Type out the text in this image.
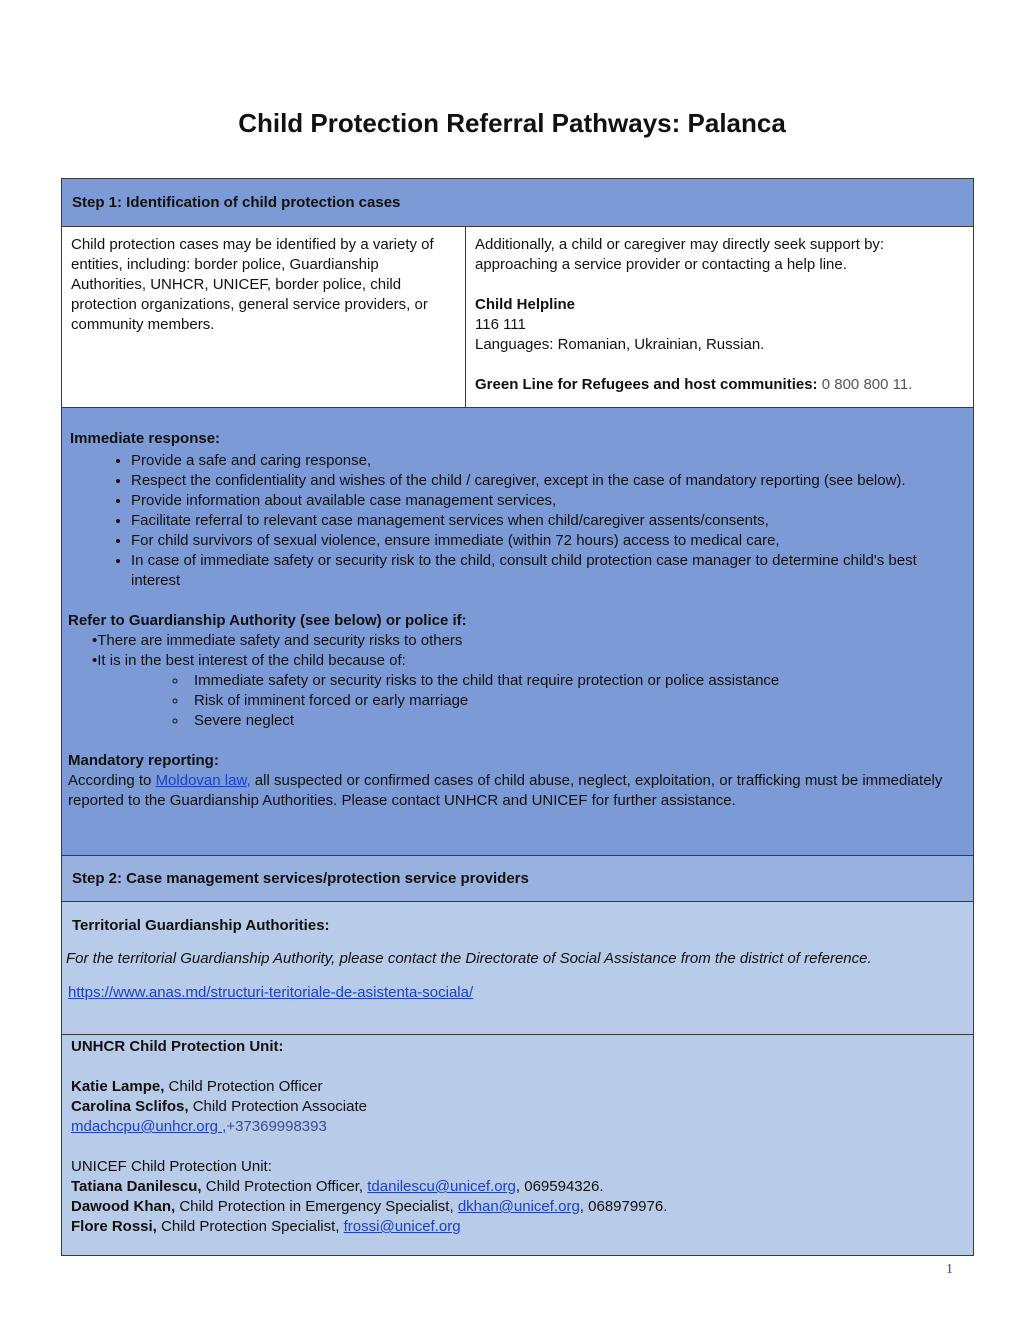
Child Protection Referral Pathways: Palanca
Step 1: Identification of child protection cases
Child protection cases may be identified by a variety of entities, including: border police, Guardianship Authorities, UNHCR, UNICEF, border police, child protection organizations, general service providers, or community members.
Additionally, a child or caregiver may directly seek support by: approaching a service provider or contacting a help line.
Child Helpline
116 111
Languages: Romanian, Ukrainian, Russian.
Green Line for Refugees and host communities: 0 800 800 11.
Immediate response:
• Provide a safe and caring response,
• Respect the confidentiality and wishes of the child / caregiver, except in the case of mandatory reporting (see below).
• Provide information about available case management services,
• Facilitate referral to relevant case management services when child/caregiver assents/consents,
• For child survivors of sexual violence, ensure immediate (within 72 hours) access to medical care,
• In case of immediate safety or security risk to the child, consult child protection case manager to determine child's best interest
Refer to Guardianship Authority (see below) or police if:
•There are immediate safety and security risks to others
•It is in the best interest of the child because of:
◦ Immediate safety or security risks to the child that require protection or police assistance
◦ Risk of imminent forced or early marriage
◦ Severe neglect
Mandatory reporting:
According to Moldovan law, all suspected or confirmed cases of child abuse, neglect, exploitation, or trafficking must be immediately reported to the Guardianship Authorities. Please contact UNHCR and UNICEF for further assistance.
Step 2: Case management services/protection service providers
Territorial Guardianship Authorities:
For the territorial Guardianship Authority, please contact the Directorate of Social Assistance from the district of reference.
https://www.anas.md/structuri-teritoriale-de-asistenta-sociala/
UNHCR Child Protection Unit:
Katie Lampe, Child Protection Officer
Carolina Sclifos, Child Protection Associate
mdachcpu@unhcr.org ,+37369998393
UNICEF Child Protection Unit:
Tatiana Danilescu, Child Protection Officer, tdanilescu@unicef.org, 069594326.
Dawood Khan, Child Protection in Emergency Specialist, dkhan@unicef.org, 068979976.
Flore Rossi, Child Protection Specialist, frossi@unicef.org
1
